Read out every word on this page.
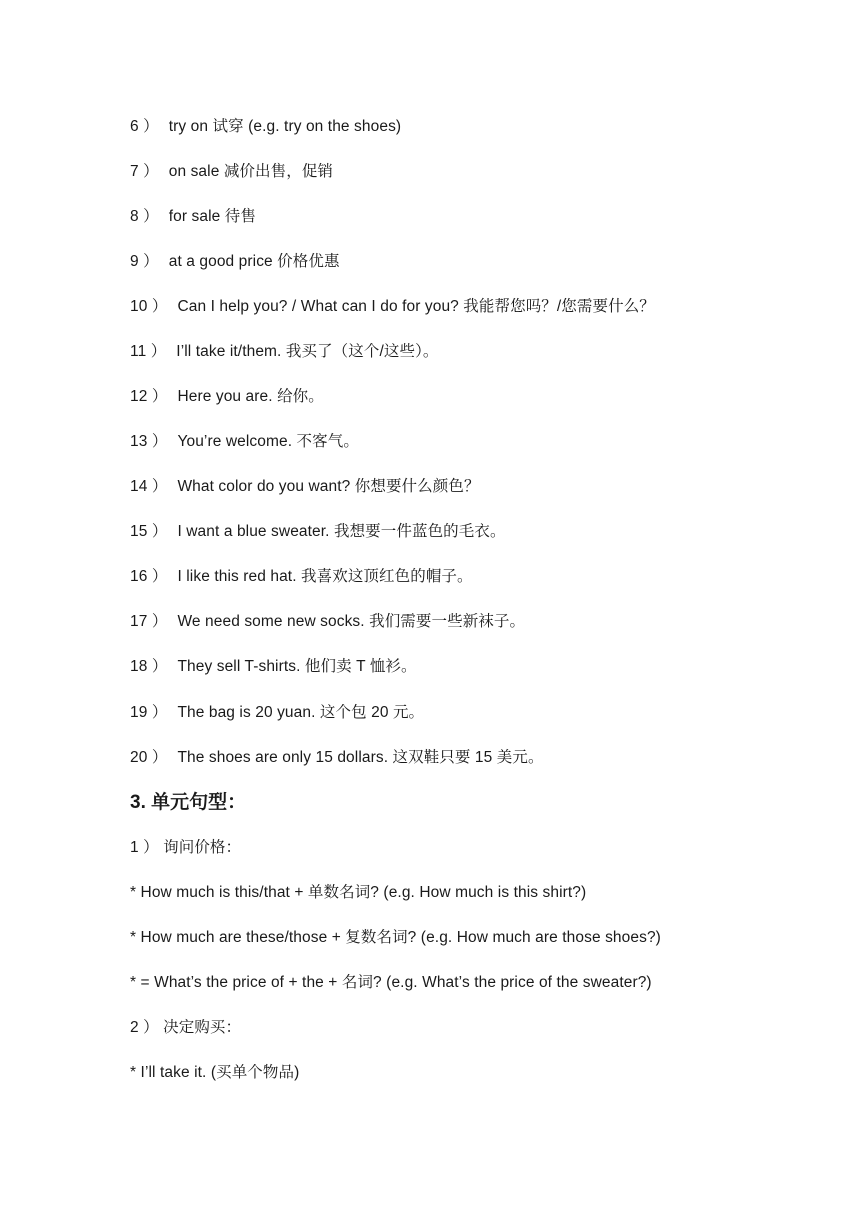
6 ） try on 试穿 (e.g. try on the shoes)
7 ） on sale 减价出售，促销
8 ） for sale 待售
9 ） at a good price 价格优惠
10 ） Can I help you? / What can I do for you? 我能帮您吗？/您需要什么？
11 ） I’ll take it/them. 我买了（这个/这些）。
12 ） Here you are. 给你。
13 ） You’re welcome. 不客气。
14 ） What color do you want? 你想要什么颜色？
15 ） I want a blue sweater. 我想要一件蓝色的毛衣。
16 ） I like this red hat. 我喜欢这顶红色的帽子。
17 ） We need some new socks. 我们需要一些新袜子。
18 ） They sell T-shirts. 他们卖 T 恤衫。
19 ） The bag is 20 yuan. 这个包 20 元。
20 ） The shoes are only 15 dollars. 这双鞋只要 15 美元。
3. 单元句型：
1 ） 询问价格：
* How much is this/that + 单数名词? (e.g. How much is this shirt?)
* How much are these/those + 复数名词? (e.g. How much are those shoes?)
* = What’s the price of + the + 名词? (e.g. What’s the price of the sweater?)
2 ） 决定购买：
* I’ll take it. (买单个物品)
